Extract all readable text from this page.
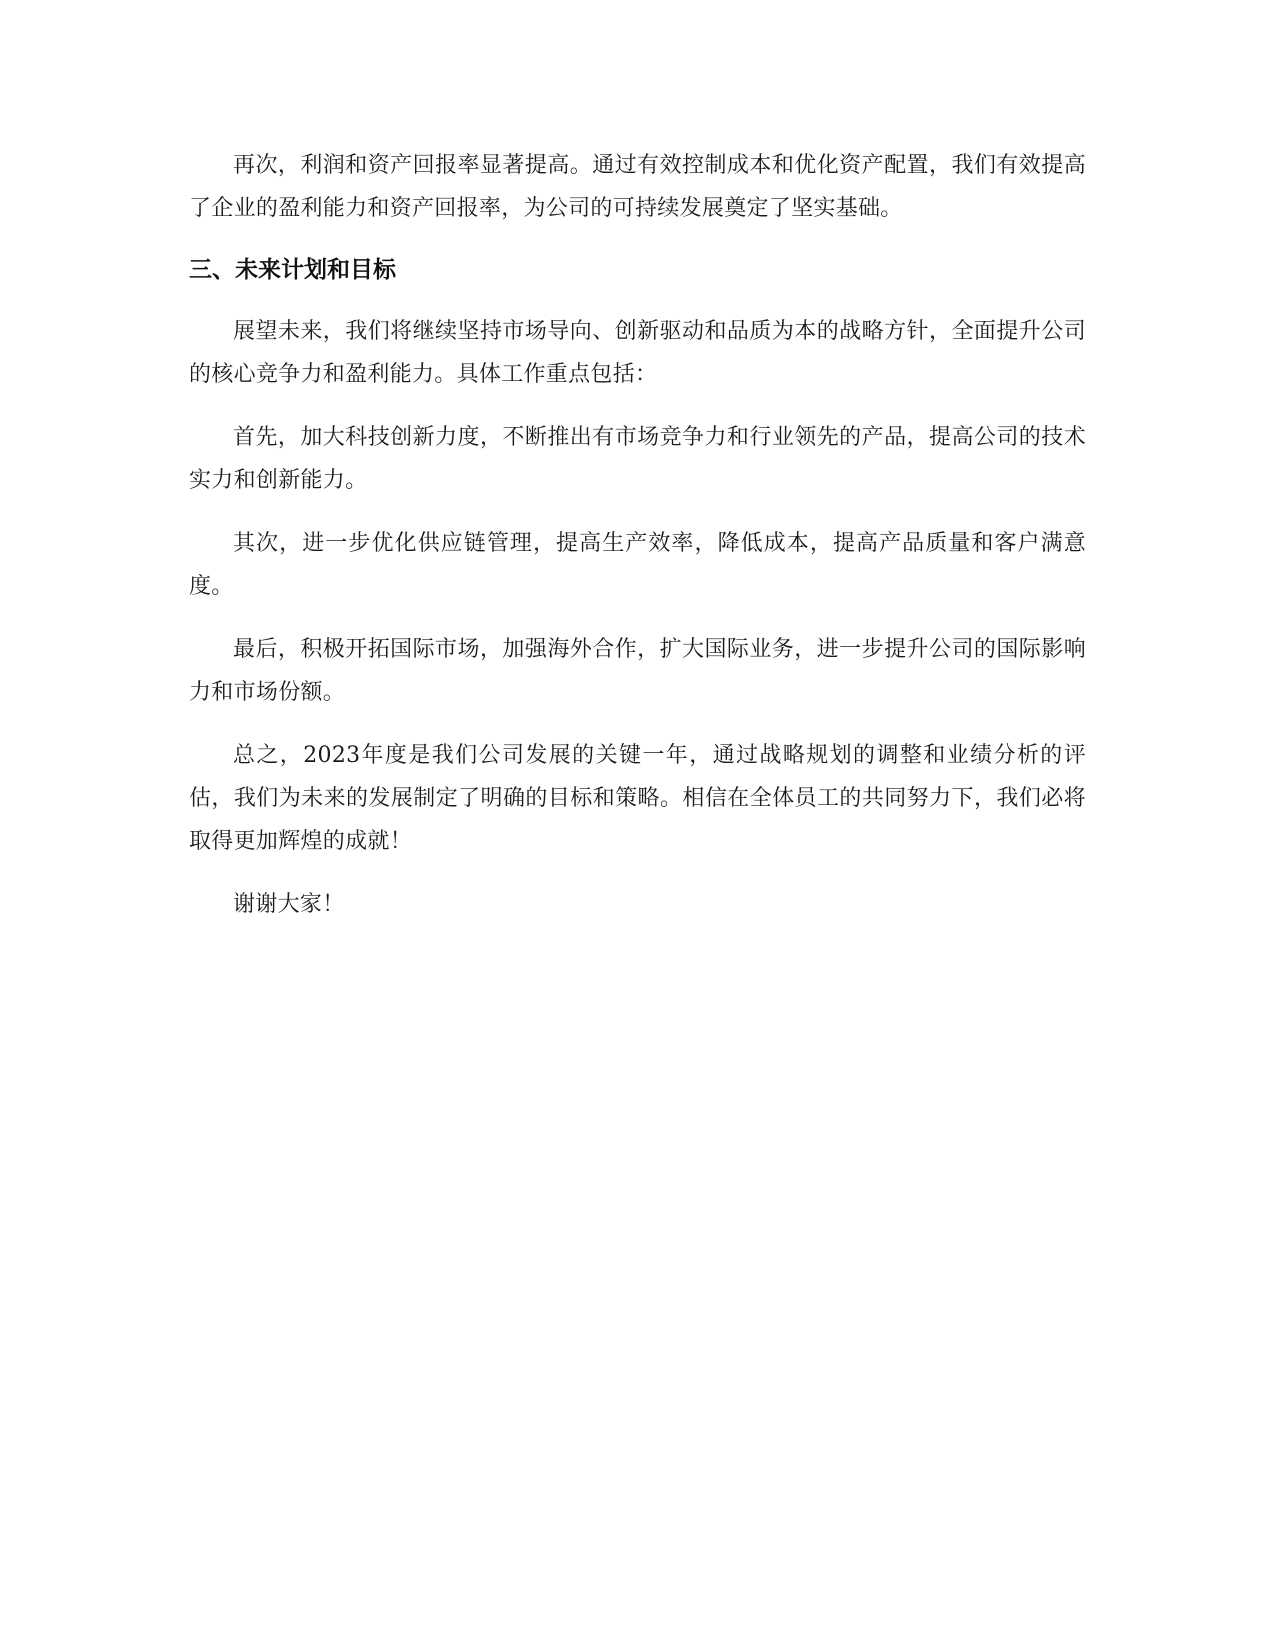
再次，利润和资产回报率显著提高。通过有效控制成本和优化资产配置，我们有效提高了企业的盈利能力和资产回报率，为公司的可持续发展奠定了坚实基础。

三、未来计划和目标

展望未来，我们将继续坚持市场导向、创新驱动和品质为本的战略方针，全面提升公司的核心竞争力和盈利能力。具体工作重点包括：

首先，加大科技创新力度，不断推出有市场竞争力和行业领先的产品，提高公司的技术实力和创新能力。

其次，进一步优化供应链管理，提高生产效率，降低成本，提高产品质量和客户满意度。

最后，积极开拓国际市场，加强海外合作，扩大国际业务，进一步提升公司的国际影响力和市场份额。

总之，2023年度是我们公司发展的关键一年，通过战略规划的调整和业绩分析的评估，我们为未来的发展制定了明确的目标和策略。相信在全体员工的共同努力下，我们必将取得更加辉煌的成就！

谢谢大家！
